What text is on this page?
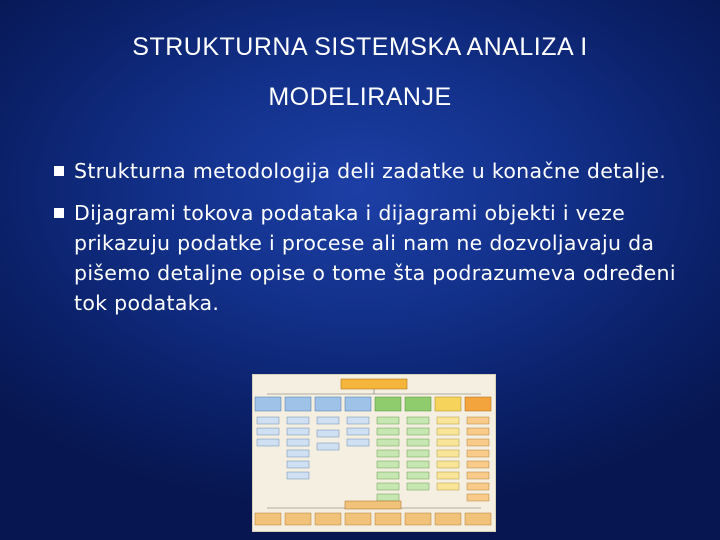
STRUKTURNA SISTEMSKA ANALIZA I
MODELIRANJE
Strukturna metodologija deli zadatke u konačne detalje.
Dijagrami tokova podataka i dijagrami objekti i veze prikazuju podatke i procese ali nam ne dozvoljavaju da pišemo detaljne opise o tome šta podrazumeva određeni tok podataka.
